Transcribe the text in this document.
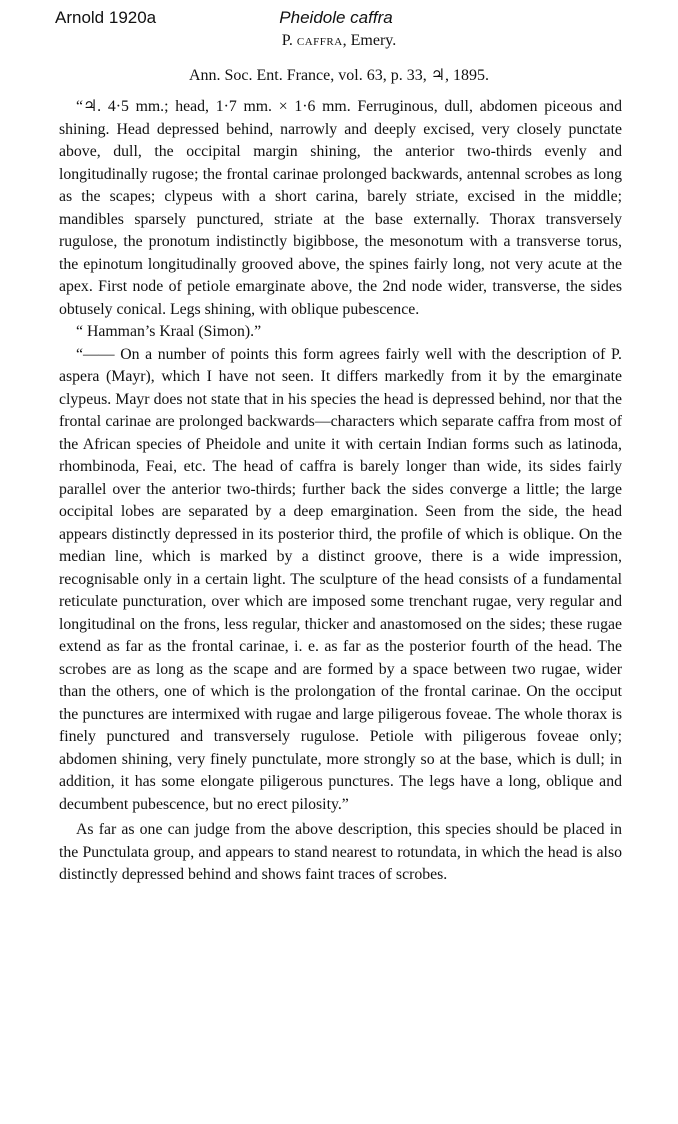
Arnold 1920a	Pheidole caffra
P. caffra, Emery.
Ann. Soc. Ent. France, vol. 63, p. 33, ♃, 1895.

“♃. 4·5 mm.; head, 1·7 mm. × 1·6 mm. Ferruginous, dull, abdomen piceous and shining. Head depressed behind, narrowly and deeply excised, very closely punctate above, dull, the occipital margin shining, the anterior two-thirds evenly and longitudinally rugose; the frontal carinae prolonged backwards, antennal scrobes as long as the scapes; clypeus with a short carina, barely striate, excised in the middle; mandibles sparsely punctured, striate at the base externally. Thorax transversely rugulose, the pronotum indistinctly bigibbose, the mesonotum with a transverse torus, the epinotum longitudinally grooved above, the spines fairly long, not very acute at the apex. First node of petiole emarginate above, the 2nd node wider, transverse, the sides obtusely conical. Legs shining, with oblique pubescence.

“ Hamman’s Kraal (Simon).”

“—— On a number of points this form agrees fairly well with the description of P. aspera (Mayr), which I have not seen. It differs markedly from it by the emarginate clypeus. Mayr does not state that in his species the head is depressed behind, nor that the frontal carinae are prolonged backwards—characters which separate caffra from most of the African species of Pheidole and unite it with certain Indian forms such as latinoda, rhombinoda, Feai, etc. The head of caffra is barely longer than wide, its sides fairly parallel over the anterior two-thirds; further back the sides converge a little; the large occipital lobes are separated by a deep emargination. Seen from the side, the head appears distinctly depressed in its posterior third, the profile of which is oblique. On the median line, which is marked by a distinct groove, there is a wide impression, recognisable only in a certain light. The sculpture of the head consists of a fundamental reticulate puncturation, over which are imposed some trenchant rugae, very regular and longitudinal on the frons, less regular, thicker and anastomosed on the sides; these rugae extend as far as the frontal carinae, i. e. as far as the posterior fourth of the head. The scrobes are as long as the scape and are formed by a space between two rugae, wider than the others, one of which is the prolongation of the frontal carinae. On the occiput the punctures are intermixed with rugae and large piligerous foveae. The whole thorax is finely punctured and transversely rugulose. Petiole with piligerous foveae only; abdomen shining, very finely punctulate, more strongly so at the base, which is dull; in addition, it has some elongate piligerous punctures. The legs have a long, oblique and decumbent pubescence, but no erect pilosity.”

As far as one can judge from the above description, this species should be placed in the Punctulata group, and appears to stand nearest to rotundata, in which the head is also distinctly depressed behind and shows faint traces of scrobes.
